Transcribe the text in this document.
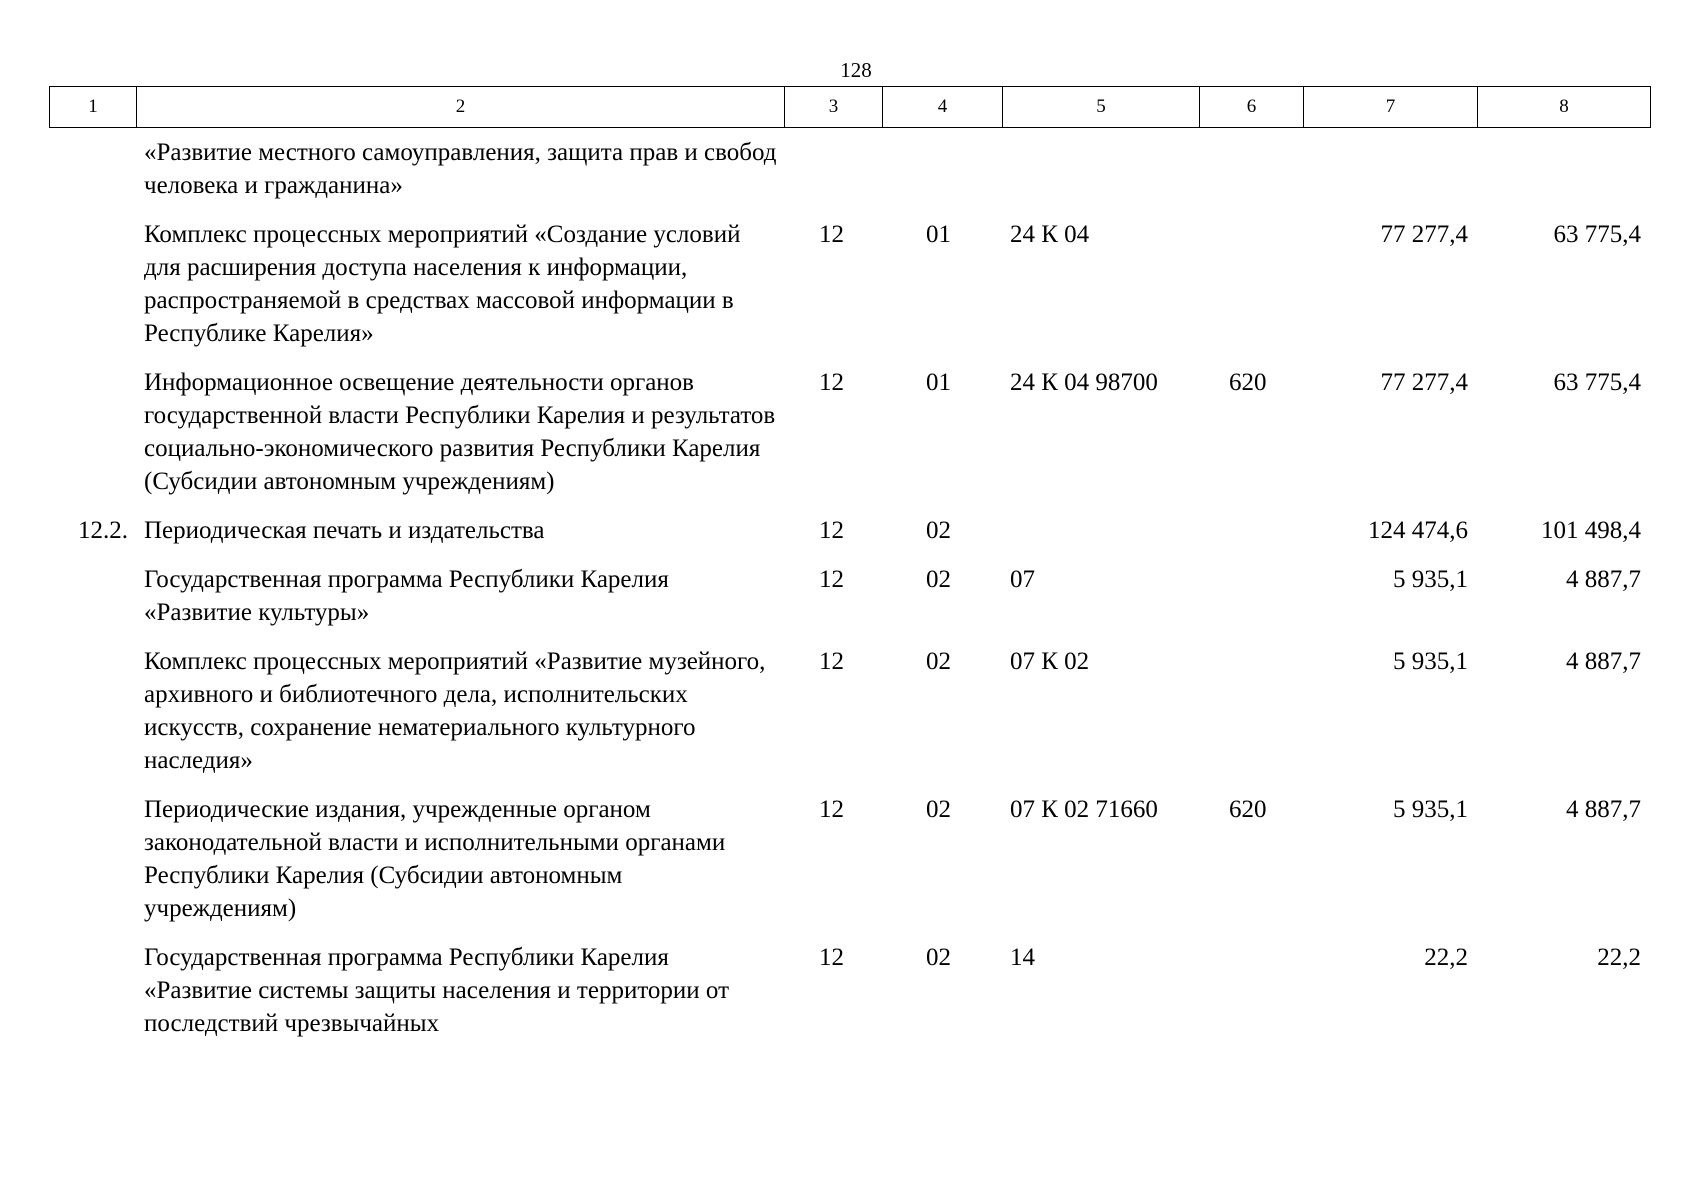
128
1	2	3	4	5	6	7	8
	«Развитие местного самоуправления, защита прав и свобод человека и гражданина»						
	Комплекс процессных мероприятий «Создание условий для расширения доступа населения к информации, распространяемой в средствах массовой информации в Республике Карелия»	12	01	24 К 04		77 277,4	63 775,4
	Информационное освещение деятельности органов государственной власти Республики Карелия и результатов социально-экономического развития Республики Карелия (Субсидии автономным учреждениям)	12	01	24 К 04 98700	620	77 277,4	63 775,4
12.2.	Периодическая печать и издательства	12	02			124 474,6	101 498,4
	Государственная программа Республики Карелия «Развитие культуры»	12	02	07		5 935,1	4 887,7
	Комплекс процессных мероприятий «Развитие музейного, архивного и библиотечного дела, исполнительских искусств, сохранение нематериального культурного наследия»	12	02	07 К 02		5 935,1	4 887,7
	Периодические издания, учрежденные органом законодательной власти и исполнительными органами Республики Карелия (Субсидии автономным учреждениям)	12	02	07 К 02 71660	620	5 935,1	4 887,7
	Государственная программа Республики Карелия «Развитие системы защиты населения и территории от последствий чрезвычайных	12	02	14		22,2	22,2
